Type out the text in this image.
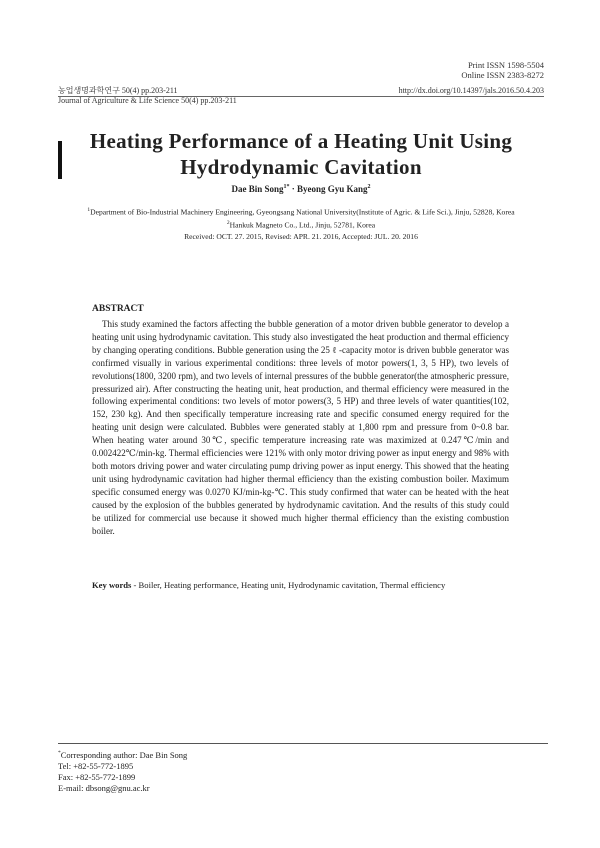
Print ISSN 1598-5504
Online ISSN 2383-8272
농업생명과학연구 50(4) pp.203-211
Journal of Agriculture & Life Science 50(4) pp.203-211
http://dx.doi.org/10.14397/jals.2016.50.4.203
Heating Performance of a Heating Unit Using
Hydrodynamic Cavitation
Dae Bin Song$^{1*}$ · Byeong Gyu Kang$^2$
$^1$Department of Bio-Industrial Machinery Engineering, Gyeongsang National University(Institute of Agric. & Life Sci.), Jinju, 52828, Korea
$^2$Hankuk Magneto Co., Ltd., Jinju, 52781, Korea
Received: OCT. 27. 2015, Revised: APR. 21. 2016, Accepted: JUL. 20. 2016
ABSTRACT

This study examined the factors affecting the bubble generation of a motor driven bubble generator to develop a heating unit using hydrodynamic cavitation. This study also investigated the heat production and thermal efficiency by changing operating conditions. Bubble generation using the 25 ℓ -capacity motor is driven bubble generator was confirmed visually in various experimental conditions: three levels of motor powers(1, 3, 5 HP), two levels of revolutions(1800, 3200 rpm), and two levels of internal pressures of the bubble generator(the atmospheric pressure, pressurized air). After constructing the heating unit, heat production, and thermal efficiency were measured in the following experimental conditions: two levels of motor powers(3, 5 HP) and three levels of water quantities(102, 152, 230 kg). And then specifically temperature increasing rate and specific consumed energy required for the heating unit design were calculated. Bubbles were generated stably at 1,800 rpm and pressure from 0~0.8 bar. When heating water around 30℃, specific temperature increasing rate was maximized at 0.247℃/min and 0.002422℃/min-kg. Thermal efficiencies were 121% with only motor driving power as input energy and 98% with both motors driving power and water circulating pump driving power as input energy. This showed that the heating unit using hydrodynamic cavitation had higher thermal efficiency than the existing combustion boiler. Maximum specific consumed energy was 0.0270 KJ/min-kg-℃. This study confirmed that water can be heated with the heat caused by the explosion of the bubbles generated by hydrodynamic cavitation. And the results of this study could be utilized for commercial use because it showed much higher thermal efficiency than the existing combustion boiler.

Key words - Boiler, Heating performance, Heating unit, Hydrodynamic cavitation, Thermal efficiency
*Corresponding author: Dae Bin Song
Tel: +82-55-772-1895
Fax: +82-55-772-1899
E-mail: dbsong@gnu.ac.kr
